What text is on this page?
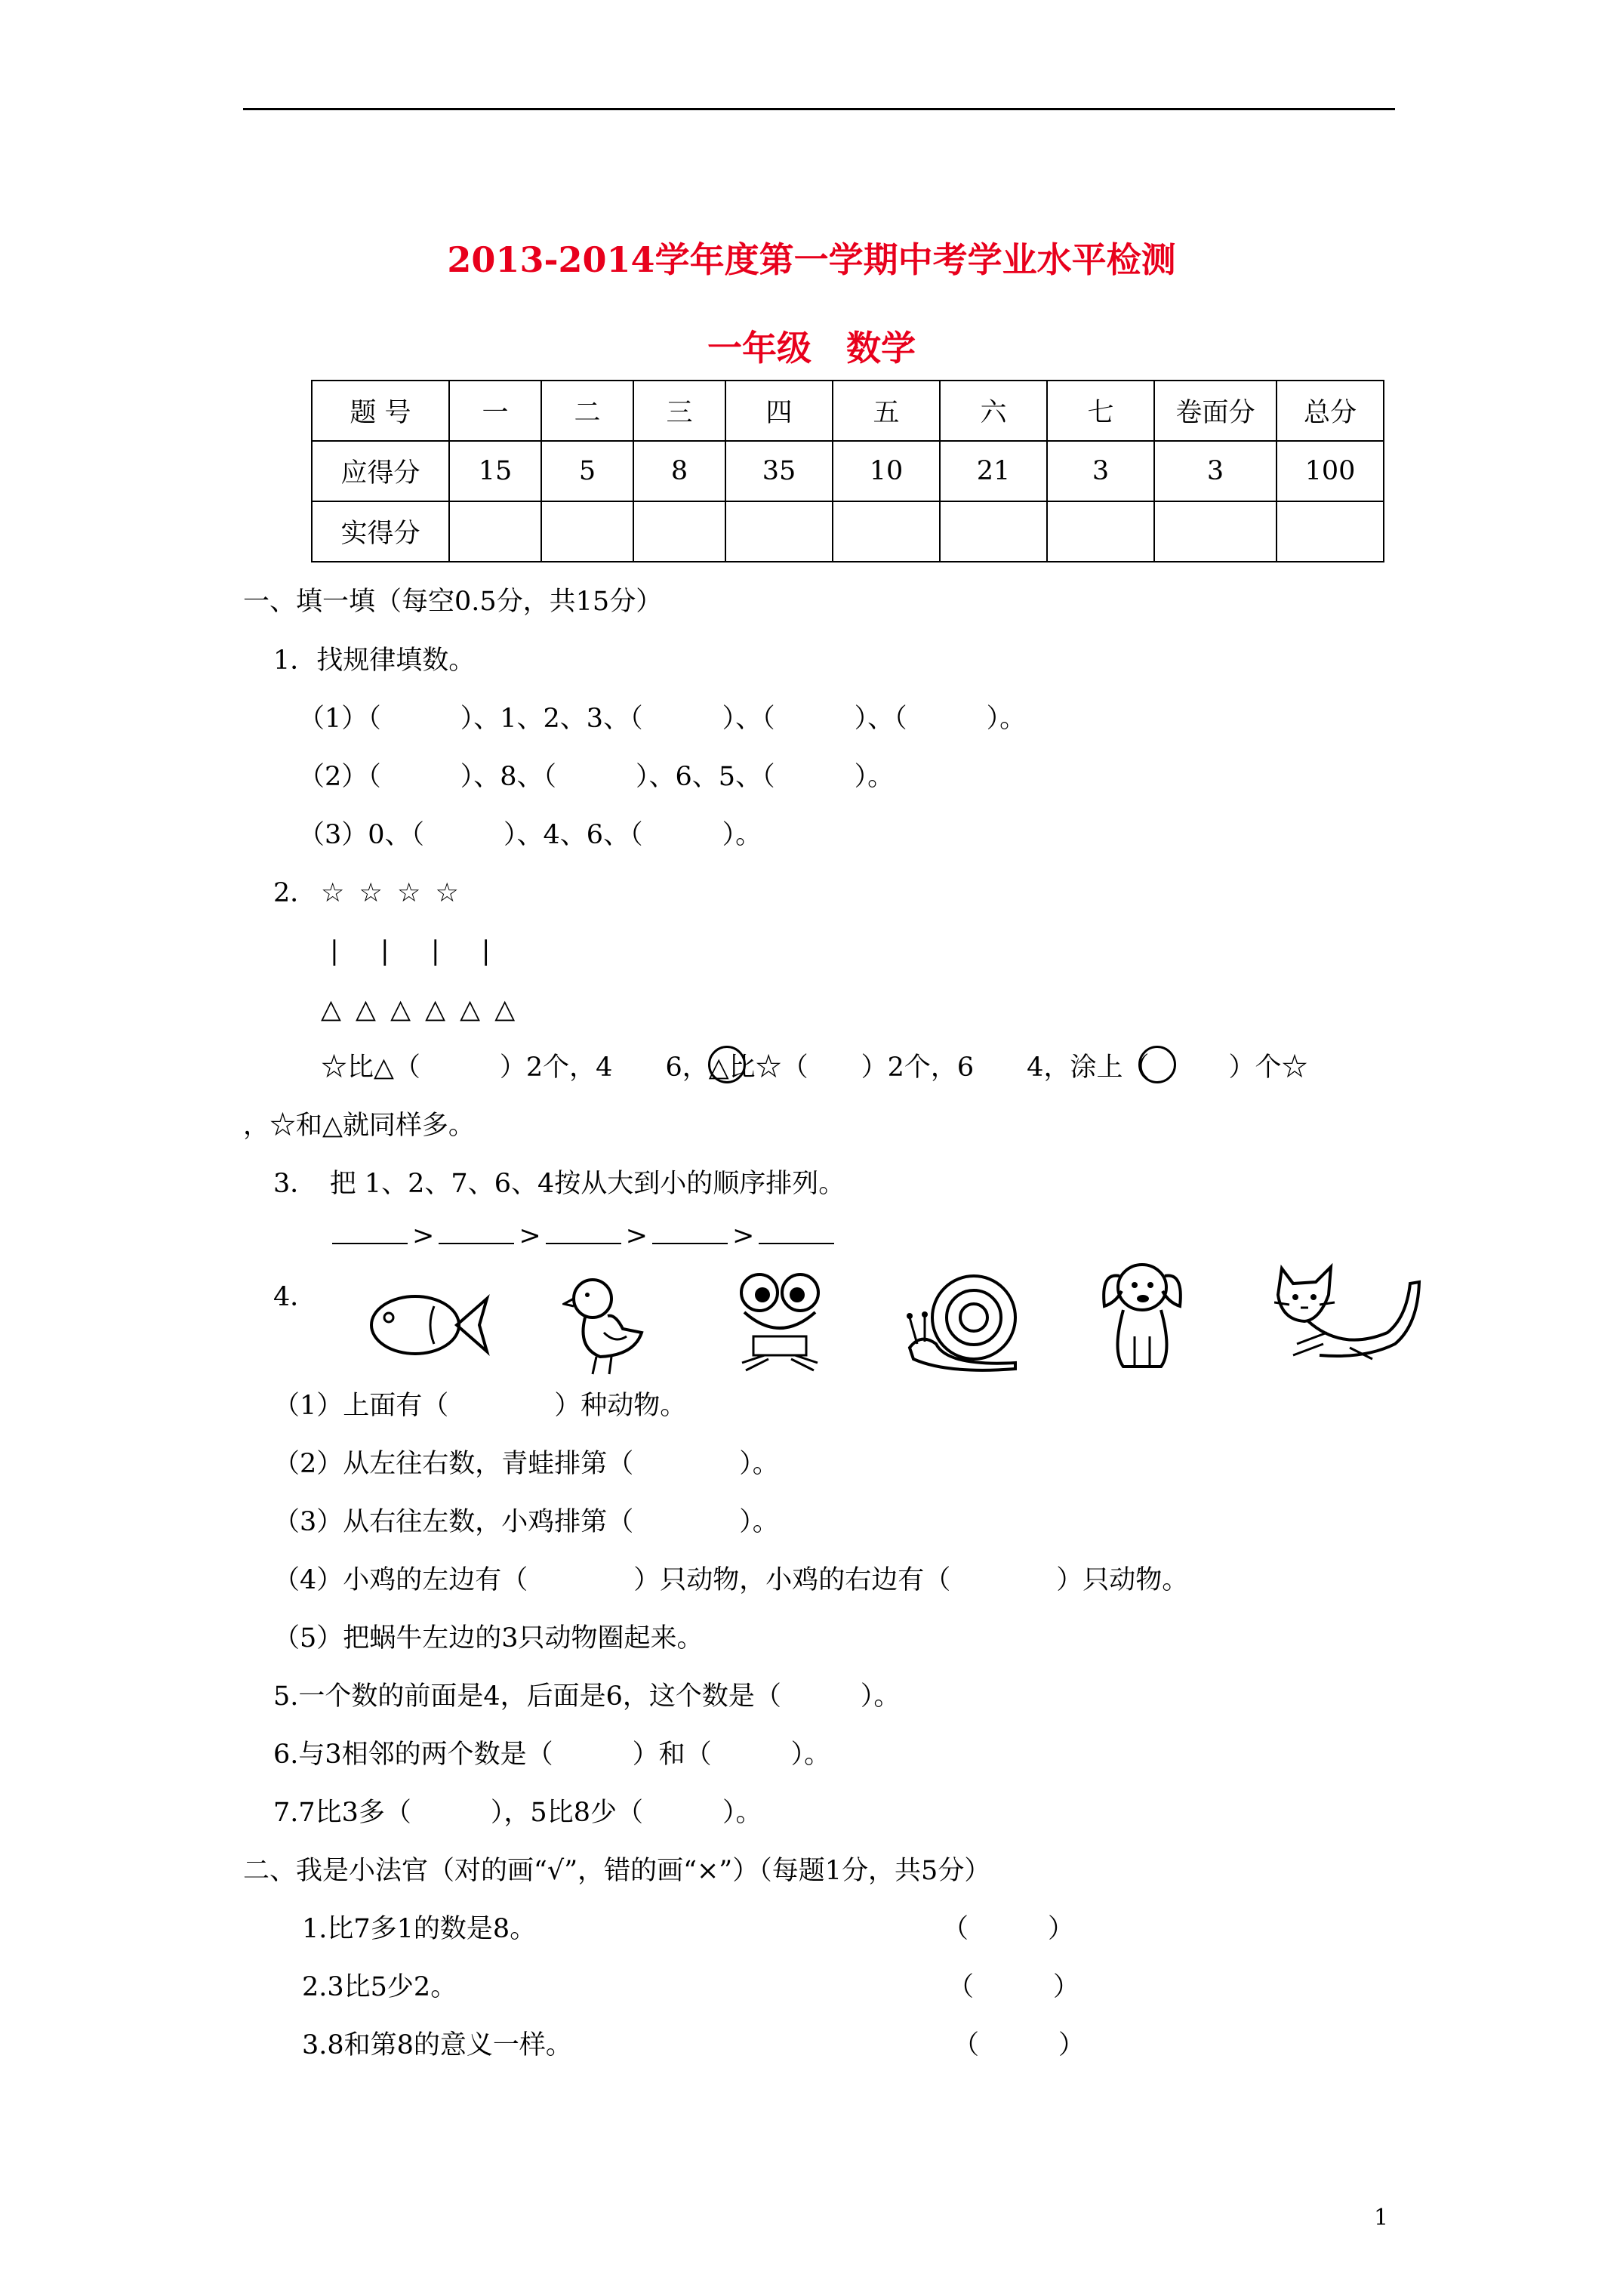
2013-2014学年度第一学期中考学业水平检测
一年级　数学
题 号	一	二	三	四	五	六	七	卷面分	总分
应得分	15	5	8	35	10	21	3	3	100
实得分									
一、填一填（每空0.5分，共15分）
1．找规律填数。
（1）（　　　）、1、2、3、（　　　）、（　　　）、（　　　）。
（2）（　　　）、8、（　　　）、6、5、（　　　）。
（3）0、（　　　）、4、6、（　　　）。
2． ☆ ☆ ☆ ☆
| | | |
△ △ △ △ △ △
☆比△（　　　）2个，4　　6，△比☆（　　）2个，6　　4，涂上（　　　）个☆
，☆和△就同样多。
3．　把 1、2、7、6、4按从大到小的顺序排列。
>	>	>	>
4．
（1）上面有（　　　　）种动物。
（2）从左往右数，青蛙排第（　　　　）。
（3）从右往左数，小鸡排第（　　　　）。
（4）小鸡的左边有（　　　　）只动物，小鸡的右边有（　　　　）只动物。
（5）把蜗牛左边的3只动物圈起来。
5.一个数的前面是4，后面是6，这个数是（　　　）。
6.与3相邻的两个数是（　　　）和（　　　）。
7.7比3多（　　　），5比8少（　　　）。
二、我是小法官（对的画“√”，错的画“×”）（每题1分，共5分）
1.比7多1的数是8。	（　　　）
2.3比5少2。	（　　　）
3.8和第8的意义一样。	（　　　）
1
